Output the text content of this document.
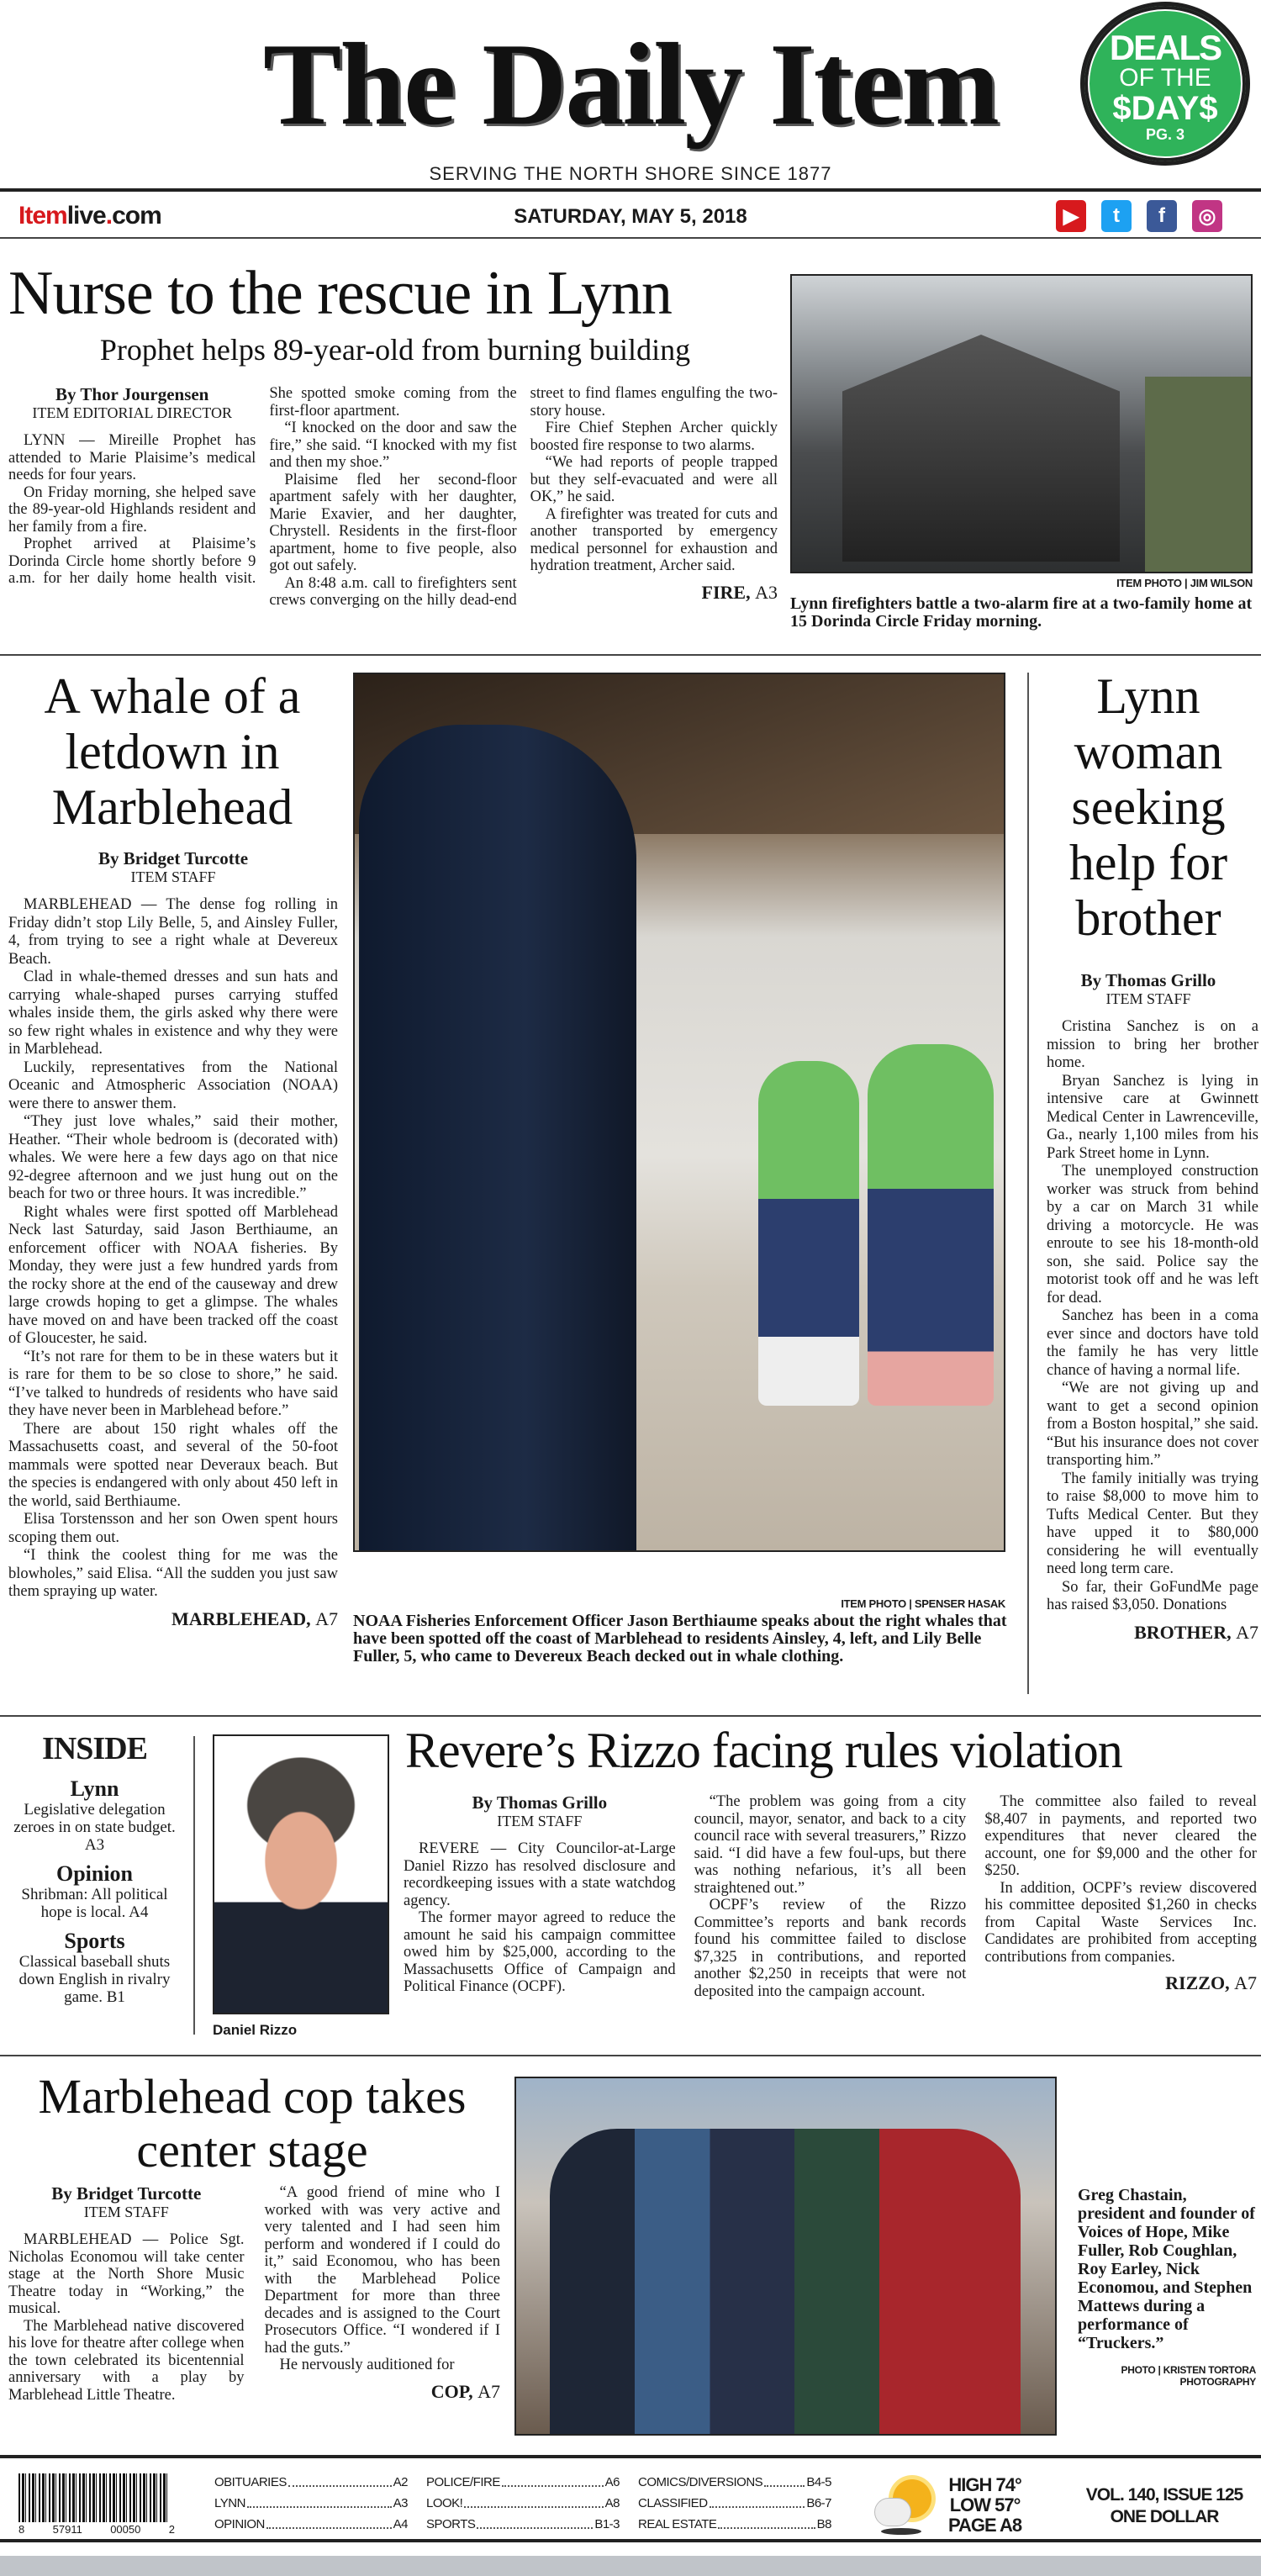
The Daily Item
SERVING THE NORTH SHORE SINCE 1877
DEALS
OF THE
$DAY$
PG. 3
Itemlive.com	SATURDAY, MAY 5, 2018	▶	t	f	◎
Nurse to the rescue in Lynn
Prophet helps 89-year-old from burning building
By Thor Jourgensen
ITEM EDITORIAL DIRECTOR

LYNN — Mireille Prophet has attended to Marie Plaisime’s medical needs for four years.

On Friday morning, she helped save the 89-year-old Highlands resident and her family from a fire.

Prophet arrived at Plaisime’s Dorinda Circle home shortly before 9 a.m. for her daily home health visit. She spotted smoke coming from the first-floor apartment.

“I knocked on the door and saw the fire,” she said. “I knocked with my fist and then my shoe.”

Plaisime fled her second-floor apartment safely with her daughter, Marie Exavier, and her daughter, Chrystell. Residents in the first-floor apartment, home to five people, also got out safely.

An 8:48 a.m. call to firefighters sent crews converging on the hilly dead-end street to find flames engulfing the two-story house.

Fire Chief Stephen Archer quickly boosted fire response to two alarms.

“We had reports of people trapped but they self-evacuated and were all OK,” he said.

A firefighter was treated for cuts and another transported by emergency medical personnel for exhaustion and hydration treatment, Archer said.

FIRE, A3	ITEM PHOTO | JIM WILSON
Lynn firefighters battle a two-alarm fire at a two-family home at 15 Dorinda Circle Friday morning.
A whale of a letdown in Marblehead
By Bridget Turcotte
ITEM STAFF

MARBLEHEAD — The dense fog rolling in Friday didn’t stop Lily Belle, 5, and Ainsley Fuller, 4, from trying to see a right whale at Devereux Beach.

Clad in whale-themed dresses and sun hats and carrying whale-shaped purses carrying stuffed whales inside them, the girls asked why there were so few right whales in existence and why they were in Marblehead.

Luckily, representatives from the National Oceanic and Atmospheric Association (NOAA) were there to answer them.

“They just love whales,” said their mother, Heather. “Their whole bedroom is (decorated with) whales. We were here a few days ago on that nice 92-degree afternoon and we just hung out on the beach for two or three hours. It was incredible.”

Right whales were first spotted off Marblehead Neck last Saturday, said Jason Berthiaume, an enforcement officer with NOAA fisheries. By Monday, they were just a few hundred yards from the rocky shore at the end of the causeway and drew large crowds hoping to get a glimpse. The whales have moved on and have been tracked off the coast of Gloucester, he said.

“It’s not rare for them to be in these waters but it is rare for them to be so close to shore,” he said. “I’ve talked to hundreds of residents who have said they have never been in Marblehead before.”

There are about 150 right whales off the Massachusetts coast, and several of the 50-foot mammals were spotted near Deveraux beach. But the species is endangered with only about 450 left in the world, said Berthiaume.

Elisa Torstensson and her son Owen spent hours scoping them out.

“I think the coolest thing for me was the blowholes,” said Elisa. “All the sudden you just saw them spraying up water.

MARBLEHEAD, A7
ITEM PHOTO | SPENSER HASAK
NOAA Fisheries Enforcement Officer Jason Berthiaume speaks about the right whales that have been spotted off the coast of Marblehead to residents Ainsley, 4, left, and Lily Belle Fuller, 5, who came to Devereux Beach decked out in whale clothing.
Lynn woman seeking help for brother
By Thomas Grillo
ITEM STAFF

Cristina Sanchez is on a mission to bring her brother home.

Bryan Sanchez is lying in intensive care at Gwinnett Medical Center in Lawrenceville, Ga., nearly 1,100 miles from his Park Street home in Lynn.

The unemployed construction worker was struck from behind by a car on March 31 while driving a motorcycle. He was enroute to see his 18-month-old son, she said. Police say the motorist took off and he was left for dead.

Sanchez has been in a coma ever since and doctors have told the family he has very little chance of having a normal life.

“We are not giving up and want to get a second opinion from a Boston hospital,” she said. “But his insurance does not cover transporting him.”

The family initially was trying to raise $8,000 to move him to Tufts Medical Center. But they have upped it to $80,000 considering he will eventually need long term care.

So far, their GoFundMe page has raised $3,050. Donations

BROTHER, A7
INSIDE
Lynn
Legislative delegation zeroes in on state budget. A3
Opinion
Shribman: All political hope is local. A4
Sports
Classical baseball shuts down English in rivalry game. B1
Daniel Rizzo
Revere’s Rizzo facing rules violation
By Thomas Grillo
ITEM STAFF

REVERE — City Councilor-at-Large Daniel Rizzo has resolved disclosure and recordkeeping issues with a state watchdog agency.

The former mayor agreed to reduce the amount he said his campaign committee owed him by $25,000, according to the Massachusetts Office of Campaign and Political Finance (OCPF).

“The problem was going from a city council, mayor, senator, and back to a city council race with several treasurers,” Rizzo said. “I did have a few foul-ups, but there was nothing nefarious, it’s all been straightened out.”

OCPF’s review of the Rizzo Committee’s reports and bank records found his committee failed to disclose $7,325 in contributions, and reported another $2,250 in receipts that were not deposited into the campaign account.

The committee also failed to reveal $8,407 in payments, and reported two expenditures that never cleared the account, one for $9,000 and the other for $250.

In addition, OCPF’s review discovered his committee deposited $1,260 in checks from Capital Waste Services Inc. Candidates are prohibited from accepting contributions from companies.

RIZZO, A7
Marblehead cop takes center stage
By Bridget Turcotte
ITEM STAFF

MARBLEHEAD — Police Sgt. Nicholas Economou will take center stage at the North Shore Music Theatre today in “Working,” the musical.

The Marblehead native discovered his love for theatre after college when the town celebrated its bicentennial anniversary with a play by Marblehead Little Theatre.

“A good friend of mine who I worked with was very active and very talented and I had seen him perform and wondered if I could do it,” said Economou, who has been with the Marblehead Police Department for more than three decades and is assigned to the Court Prosecutors Office. “I wondered if I had the guts.”

He nervously auditioned for

COP, A7
Greg Chastain, president and founder of Voices of Hope, Mike Fuller, Rob Coughlan, Roy Earley, Nick Economou, and Stephen Mattews during a performance of “Truckers.”
PHOTO | KRISTEN TORTORA PHOTOGRAPHY
8	57911	00050	2
OBITUARIES	A2
LYNN	A3
OPINION	A4
POLICE/FIRE	A6
LOOK!	A8
SPORTS	B1-3
COMICS/DIVERSIONS	B4-5
CLASSIFIED	B6-7
REAL ESTATE	B8
HIGH 74°
LOW 57°
PAGE A8
VOL. 140, ISSUE 125
ONE DOLLAR
